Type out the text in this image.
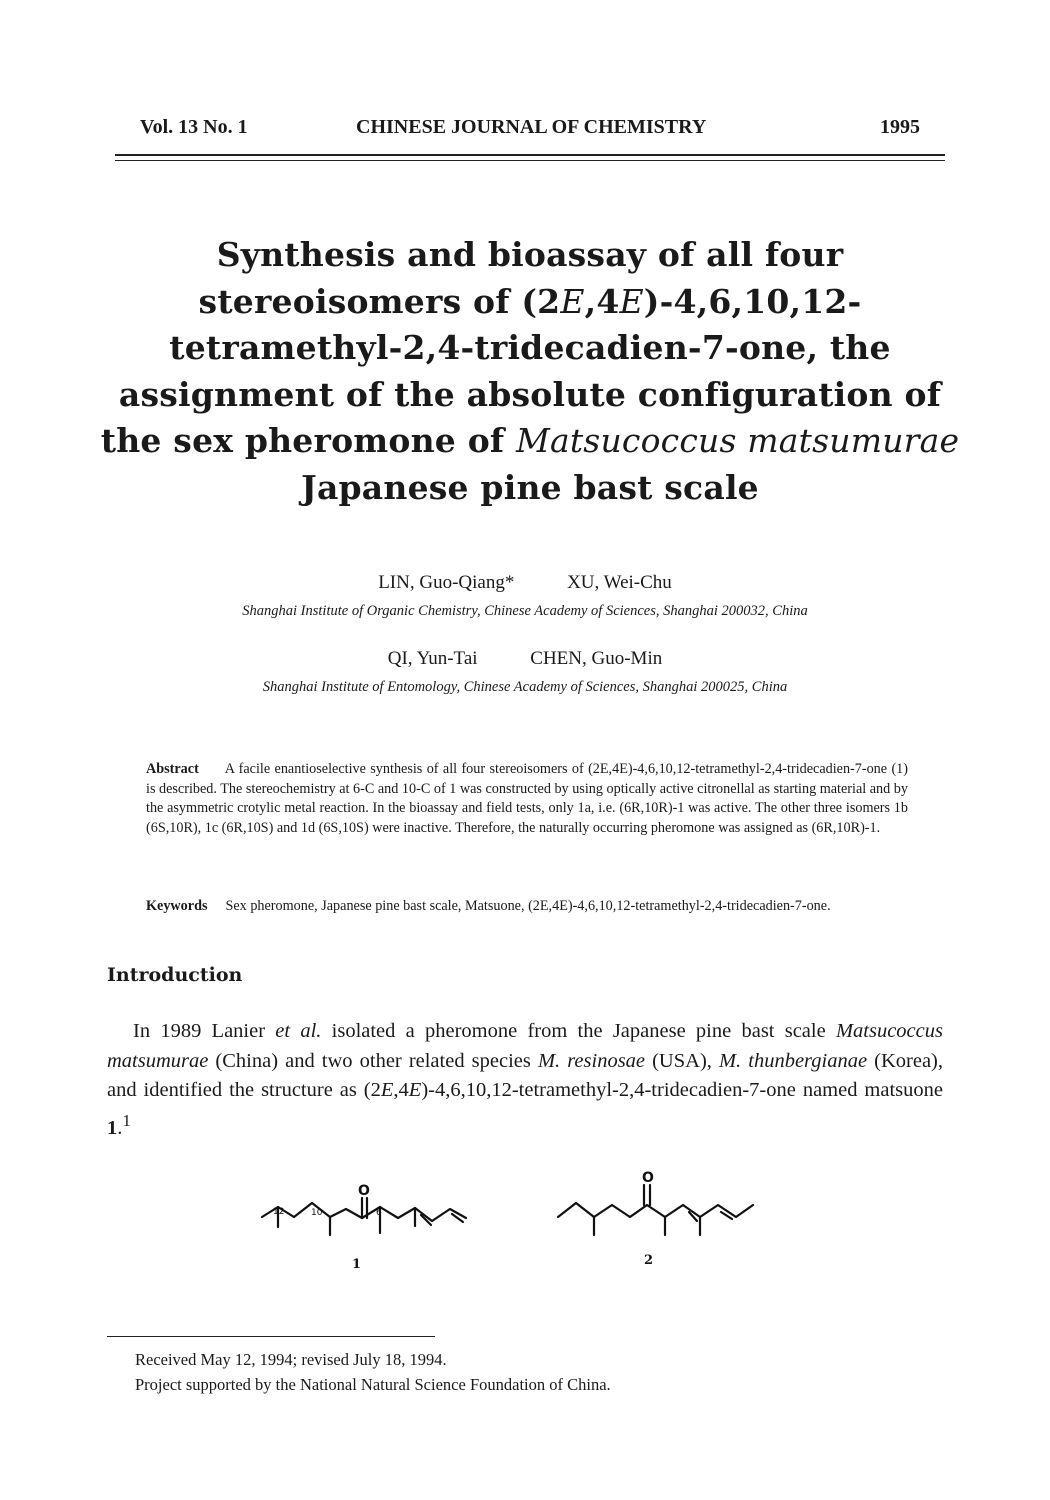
Vol. 13 No. 1	CHINESE JOURNAL OF CHEMISTRY	1995
Synthesis and bioassay of all four
stereoisomers of (2E,4E)-4,6,10,12-
tetramethyl-2,4-tridecadien-7-one, the
assignment of the absolute configuration of
the sex pheromone of Matsucoccus matsumurae
Japanese pine bast scale
LIN, Guo-Qiang*	XU, Wei-Chu
Shanghai Institute of Organic Chemistry, Chinese Academy of Sciences, Shanghai 200032, China
QI, Yun-Tai	CHEN, Guo-Min
Shanghai Institute of Entomology, Chinese Academy of Sciences, Shanghai 200025, China
Abstract A facile enantioselective synthesis of all four stereoisomers of (2E,4E)-4,6,10,12-tetramethyl-2,4-tridecadien-7-one (1) is described. The stereochemistry at 6-C and 10-C of 1 was constructed by using optically active citronellal as starting material and by the asymmetric crotylic metal reaction. In the bioassay and field tests, only 1a, i.e. (6R,10R)-1 was active. The other three isomers 1b (6S,10R), 1c (6R,10S) and 1d (6S,10S) were inactive. Therefore, the naturally occurring pheromone was assigned as (6R,10R)-1.
Keywords Sex pheromone, Japanese pine bast scale, Matsuone, (2E,4E)-4,6,10,12-tetramethyl-2,4-tridecadien-7-one.
Introduction
In 1989 Lanier et al. isolated a pheromone from the Japanese pine bast scale Matsucoccus matsumurae (China) and two other related species M. resinosae (USA), M. thunbergianae (Korea), and identified the structure as (2E,4E)-4,6,10,12-tetramethyl-2,4-tridecadien-7-one named matsuone 1.$^1$
O
12	10	6
1
O
2
Received May 12, 1994; revised July 18, 1994.
Project supported by the National Natural Science Foundation of China.
